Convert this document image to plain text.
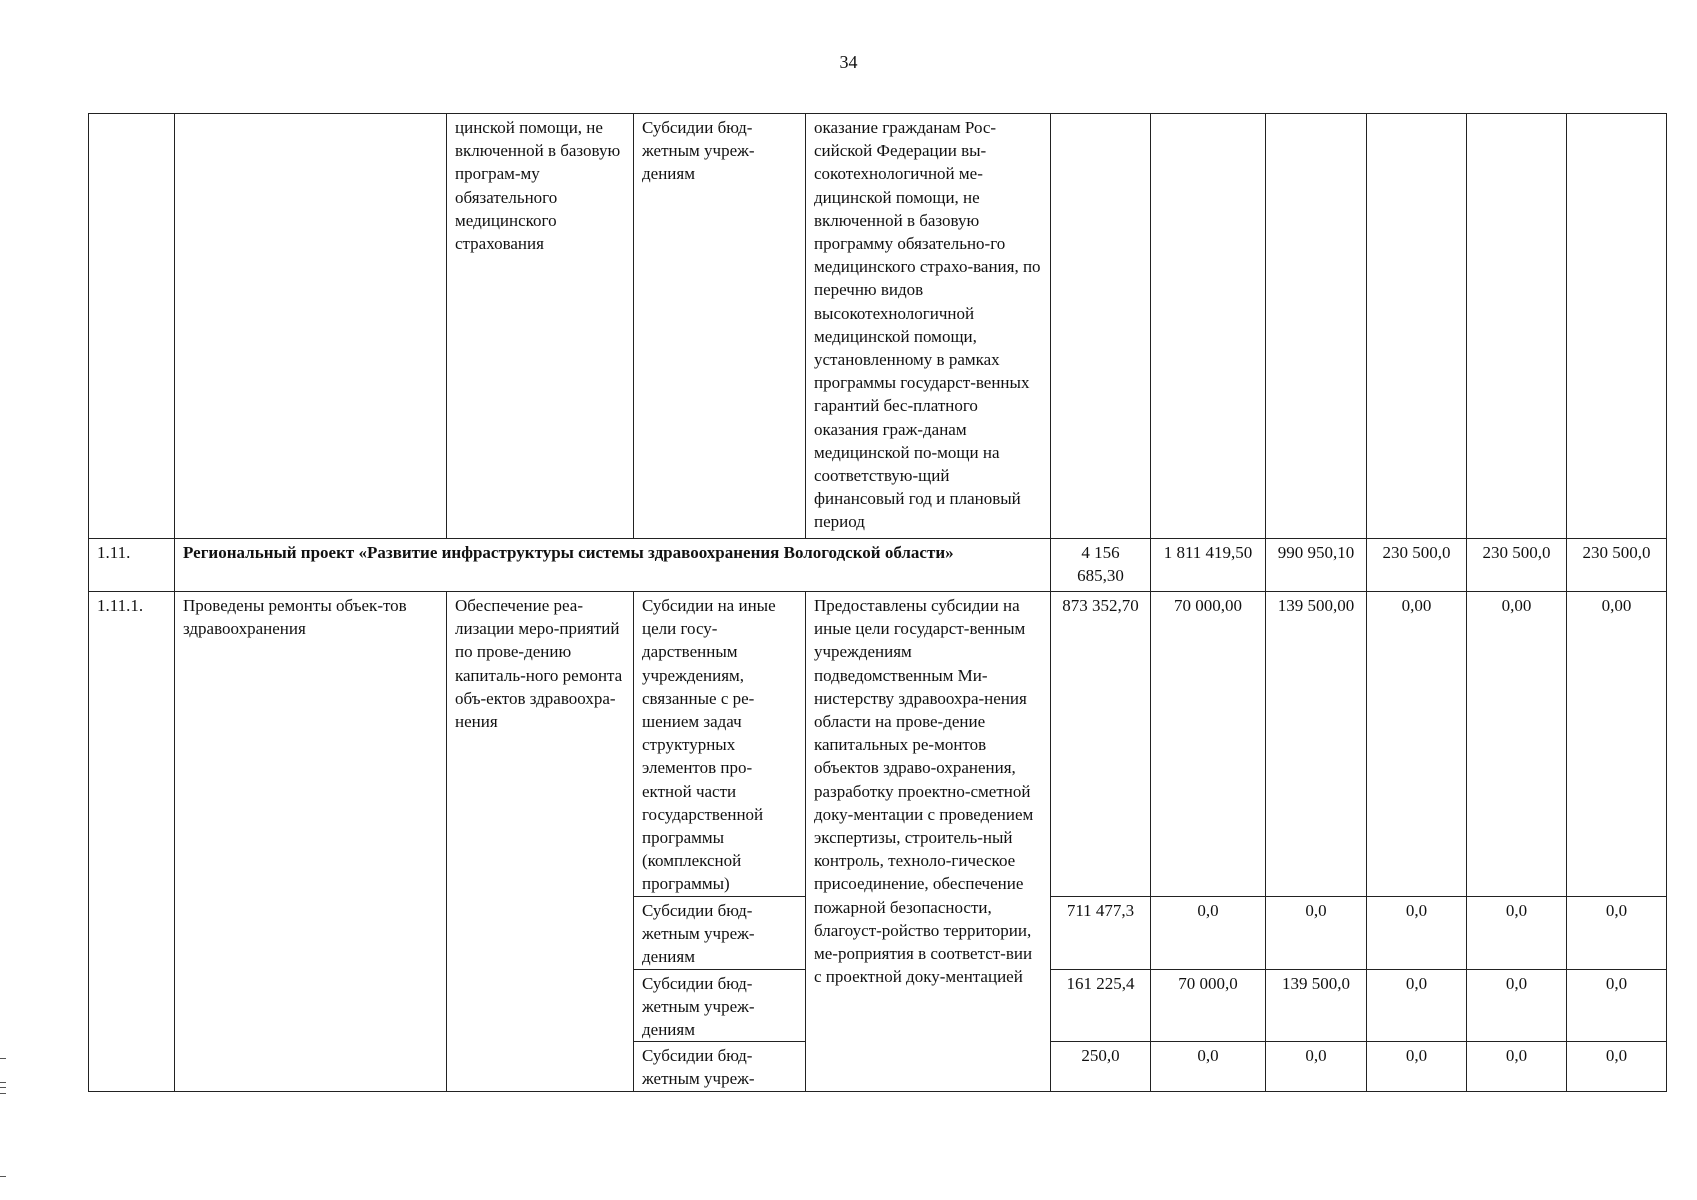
34
		цинской помощи, не включенной в базовую програм-му обязательного медицинского страхования	Субсидии бюд-жетным учреж-дениям	оказание гражданам Рос-сийской Федерации вы-сокотехнологичной ме-дицинской помощи, не включенной в базовую программу обязательно-го медицинского страхо-вания, по перечню видов высокотехнологичной медицинской помощи, установленному в рамках программы государст-венных гарантий бес-платного оказания граж-данам медицинской по-мощи на соответствую-щий финансовый год и плановый период						
1.11.	Региональный проект «Развитие инфраструктуры системы здравоохранения Вологодской области»				4 156 685,30	1 811 419,50	990 950,10	230 500,0	230 500,0	230 500,0
1.11.1.	Проведены ремонты объек-тов здравоохранения	Обеспечение реа-лизации меро-приятий по прове-дению капиталь-ного ремонта объ-ектов здравоохра-нения	Субсидии на иные цели госу-дарственным учреждениям, связанные с ре-шением задач структурных элементов про-ектной части государственной программы (комплексной программы)	Предоставлены субсидии на иные цели государст-венным учреждениям подведомственным Ми-нистерству здравоохра-нения области на прове-дение капитальных ре-монтов объектов здраво-охранения, разработку проектно-сметной доку-ментации с проведением экспертизы, строитель-ный контроль, техноло-гическое присоединение, обеспечение пожарной безопасности, благоуст-ройство территории, ме-роприятия в соответст-вии с проектной доку-ментацией	873 352,70	70 000,00	139 500,00	0,00	0,00	0,00
			Субсидии бюд-жетным учреж-дениям		711 477,3	0,0	0,0	0,0	0,0	0,0
			Субсидии бюд-жетным учреж-дениям		161 225,4	70 000,0	139 500,0	0,0	0,0	0,0
			Субсидии бюд-жетным учреж-		250,0	0,0	0,0	0,0	0,0	0,0
